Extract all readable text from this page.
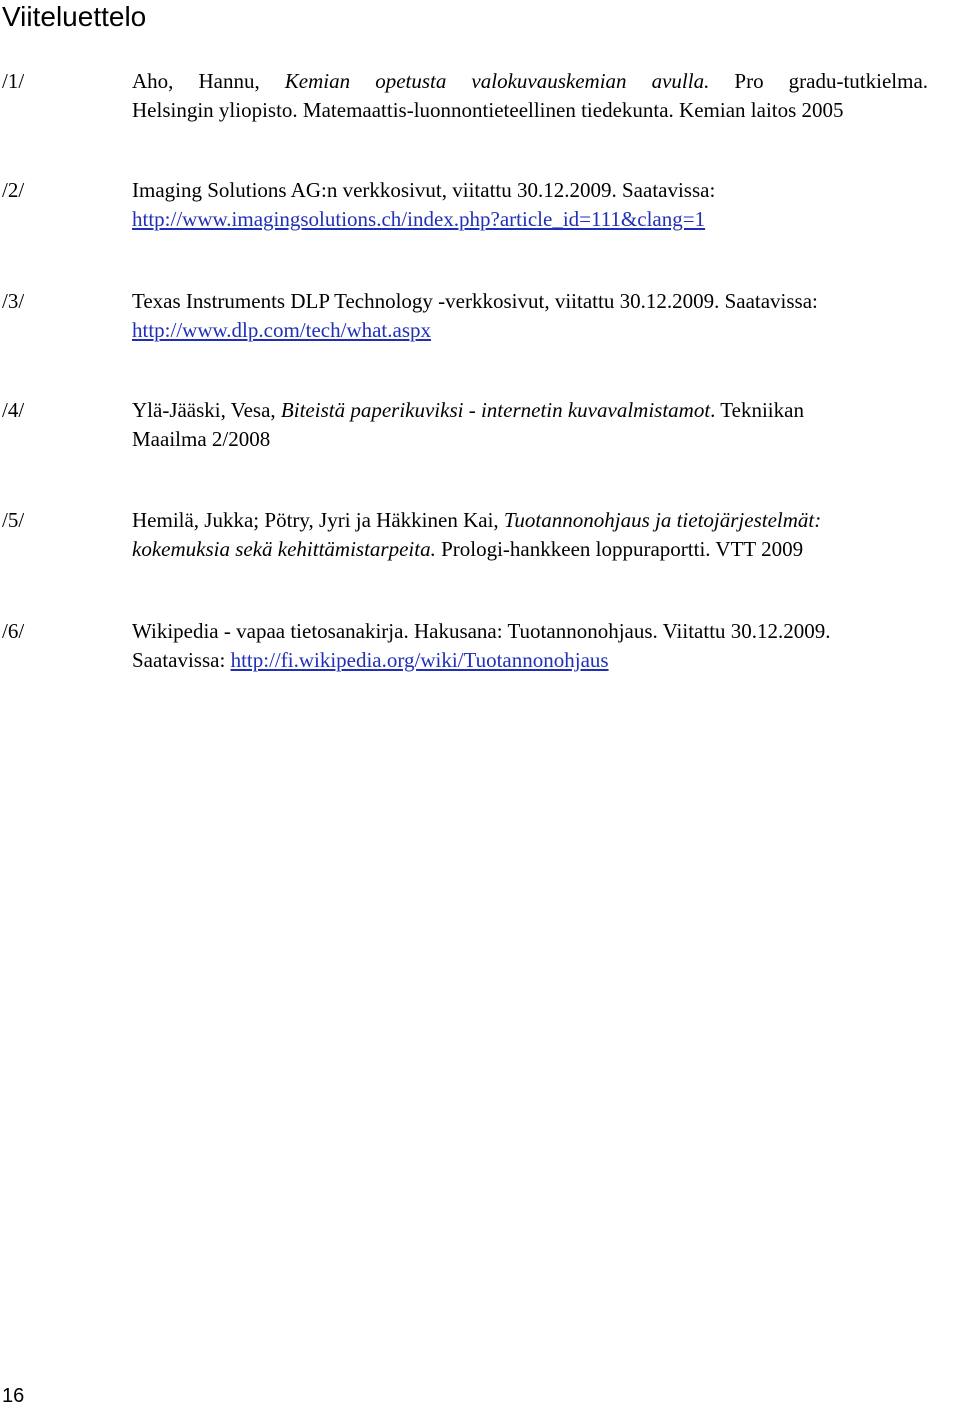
Viiteluettelo
/1/	Aho, Hannu, Kemian opetusta valokuvauskemian avulla. Pro gradu-tutkielma.
Helsingin yliopisto. Matemaattis-luonnontieteellinen tiedekunta. Kemian laitos 2005
/2/	Imaging Solutions AG:n verkkosivut, viitattu 30.12.2009. Saatavissa:
http://www.imagingsolutions.ch/index.php?article_id=111&clang=1
/3/	Texas Instruments DLP Technology -verkkosivut, viitattu 30.12.2009. Saatavissa:
http://www.dlp.com/tech/what.aspx
/4/	Ylä-Jääski, Vesa, Biteistä paperikuviksi - internetin kuvavalmistamot. Tekniikan
Maailma 2/2008
/5/	Hemilä, Jukka; Pötry, Jyri ja Häkkinen Kai, Tuotannonohjaus ja tietojärjestelmät:
kokemuksia sekä kehittämistarpeita. Prologi-hankkeen loppuraportti. VTT 2009
/6/	Wikipedia - vapaa tietosanakirja. Hakusana: Tuotannonohjaus. Viitattu 30.12.2009.
Saatavissa: http://fi.wikipedia.org/wiki/Tuotannonohjaus
16
